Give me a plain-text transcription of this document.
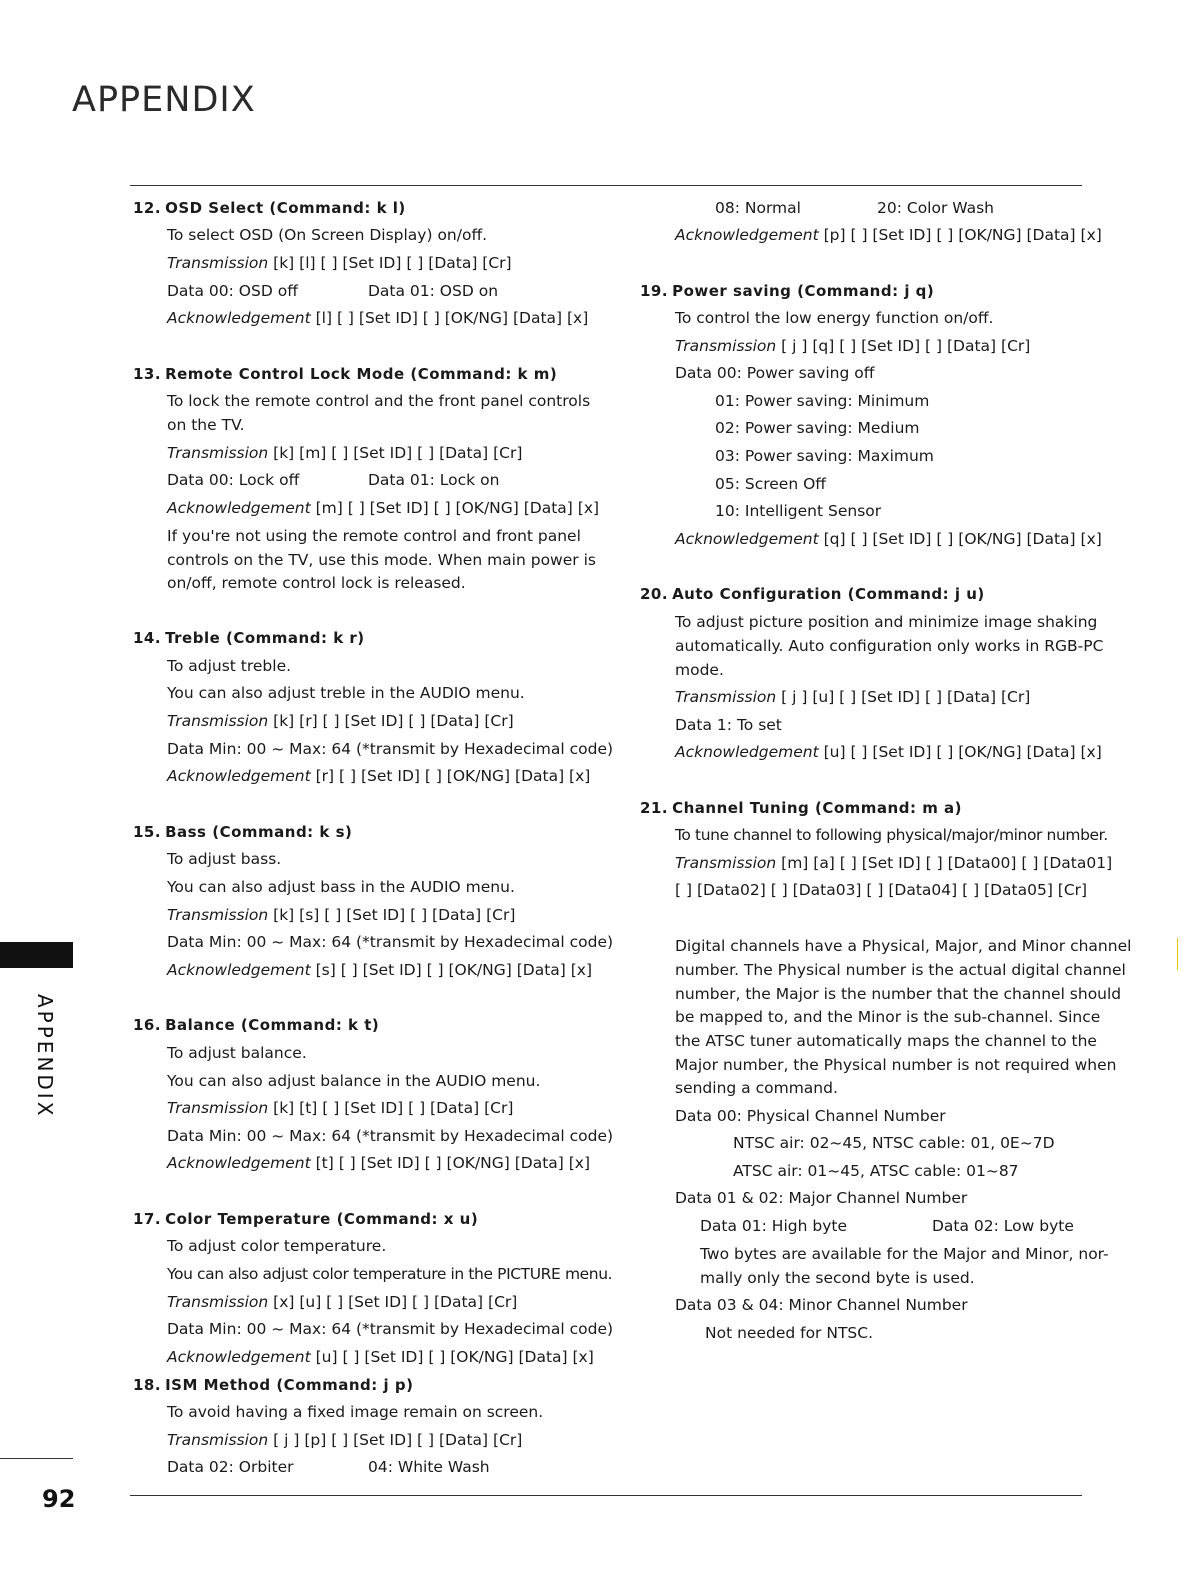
APPENDIX
12. OSD Select (Command: k l)
To select OSD (On Screen Display) on/off.
Transmission [k] [l] [ ] [Set ID] [ ] [Data] [Cr]
Data 00: OSD off	Data 01: OSD on
Acknowledgement [l] [ ] [Set ID] [ ] [OK/NG] [Data] [x]
13. Remote Control Lock Mode (Command: k m)
To lock the remote control and the front panel controls
on the TV.
Transmission [k] [m] [ ] [Set ID] [ ] [Data] [Cr]
Data 00: Lock off	Data 01: Lock on
Acknowledgement [m] [ ] [Set ID] [ ] [OK/NG] [Data] [x]
If you're not using the remote control and front panel
controls on the TV, use this mode. When main power is
on/off, remote control lock is released.
14. Treble (Command: k r)
To adjust treble.
You can also adjust treble in the AUDIO menu.
Transmission [k] [r] [ ] [Set ID] [ ] [Data] [Cr]
Data Min: 00 ~ Max: 64 (*transmit by Hexadecimal code)
Acknowledgement [r] [ ] [Set ID] [ ] [OK/NG] [Data] [x]
15. Bass (Command: k s)
To adjust bass.
You can also adjust bass in the AUDIO menu.
Transmission [k] [s] [ ] [Set ID] [ ] [Data] [Cr]
Data Min: 00 ~ Max: 64 (*transmit by Hexadecimal code)
Acknowledgement [s] [ ] [Set ID] [ ] [OK/NG] [Data] [x]
16. Balance (Command: k t)
To adjust balance.
You can also adjust balance in the AUDIO menu.
Transmission [k] [t] [ ] [Set ID] [ ] [Data] [Cr]
Data Min: 00 ~ Max: 64 (*transmit by Hexadecimal code)
Acknowledgement [t] [ ] [Set ID] [ ] [OK/NG] [Data] [x]
17. Color Temperature (Command: x u)
To adjust color temperature.
You can also adjust color temperature in the PICTURE menu.
Transmission [x] [u] [ ] [Set ID] [ ] [Data] [Cr]
Data Min: 00 ~ Max: 64 (*transmit by Hexadecimal code)
Acknowledgement [u] [ ] [Set ID] [ ] [OK/NG] [Data] [x]
18. ISM Method (Command: j p)
To avoid having a fixed image remain on screen.
Transmission [ j ] [p] [ ] [Set ID] [ ] [Data] [Cr]
Data 02: Orbiter	04: White Wash
08: Normal	20: Color Wash
Acknowledgement [p] [ ] [Set ID] [ ] [OK/NG] [Data] [x]
19. Power saving (Command: j q)
To control the low energy function on/off.
Transmission [ j ] [q] [ ] [Set ID] [ ] [Data] [Cr]
Data 00: Power saving off
01: Power saving: Minimum
02: Power saving: Medium
03: Power saving: Maximum
05: Screen Off
10: Intelligent Sensor
Acknowledgement [q] [ ] [Set ID] [ ] [OK/NG] [Data] [x]
20. Auto Configuration (Command: j u)
To adjust picture position and minimize image shaking
automatically. Auto configuration only works in RGB-PC
mode.
Transmission [ j ] [u] [ ] [Set ID] [ ] [Data] [Cr]
Data 1: To set
Acknowledgement [u] [ ] [Set ID] [ ] [OK/NG] [Data] [x]
21. Channel Tuning (Command: m a)
To tune channel to following physical/major/minor number.
Transmission [m] [a] [ ] [Set ID] [ ] [Data00] [ ] [Data01]
[ ] [Data02] [ ] [Data03] [ ] [Data04] [ ] [Data05] [Cr]
Digital channels have a Physical, Major, and Minor channel
number. The Physical number is the actual digital channel
number, the Major is the number that the channel should
be mapped to, and the Minor is the sub-channel. Since
the ATSC tuner automatically maps the channel to the
Major number, the Physical number is not required when
sending a command.
Data 00: Physical Channel Number
NTSC air: 02~45, NTSC cable: 01, 0E~7D
ATSC air: 01~45, ATSC cable: 01~87
Data 01 & 02: Major Channel Number
Data 01: High byte	Data 02: Low byte
Two bytes are available for the Major and Minor, nor-
mally only the second byte is used.
Data 03 & 04: Minor Channel Number
Not needed for NTSC.
APPENDIX
92
